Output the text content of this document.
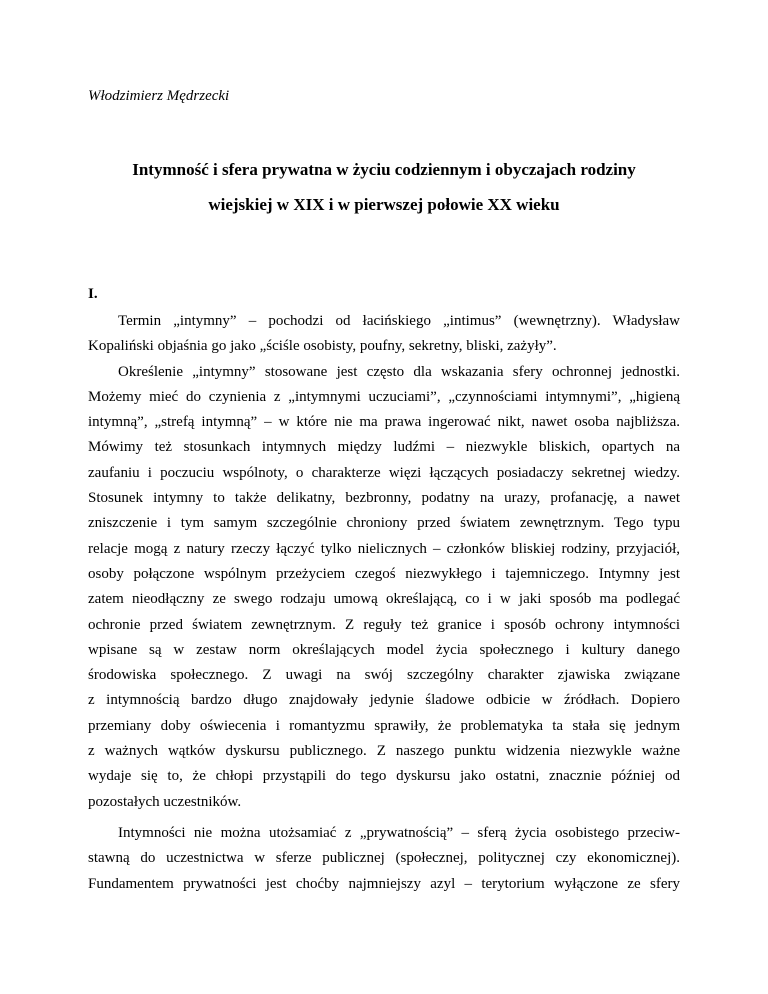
Włodzimierz Mędrzecki

Intymność i sfera prywatna w życiu codziennym i obyczajach rodziny
wiejskiej w XIX i w pierwszej połowie XX wieku
I.
Termin „intymny” – pochodzi od łacińskiego „intimus” (wewnętrzny). Władysław
Kopaliński objaśnia go jako „ściśle osobisty, poufny, sekretny, bliski, zażyły”.
Określenie „intymny” stosowane jest często dla wskazania sfery ochronnej jednostki.
Możemy mieć do czynienia z „intymnymi uczuciami”, „czynnościami intymnymi”, „higieną
intymną”, „strefą intymną” – w które nie ma prawa ingerować nikt, nawet osoba najbliższa.
Mówimy też stosunkach intymnych między ludźmi – niezwykle bliskich, opartych na
zaufaniu i poczuciu wspólnoty, o charakterze więzi łączących posiadaczy sekretnej wiedzy.
Stosunek intymny to także delikatny, bezbronny, podatny na urazy, profanację, a nawet
zniszczenie i tym samym szczególnie chroniony przed światem zewnętrznym. Tego typu
relacje mogą z natury rzeczy łączyć tylko nielicznych – członków bliskiej rodziny, przyjaciół,
osoby połączone wspólnym przeżyciem czegoś niezwykłego i tajemniczego. Intymny jest
zatem nieodłączny ze swego rodzaju umową określającą, co i w jaki sposób ma podlegać
ochronie przed światem zewnętrznym. Z reguły też granice i sposób ochrony intymności
wpisane są w zestaw norm określających model życia społecznego i kultury danego
środowiska społecznego. Z uwagi na swój szczególny charakter zjawiska związane
z intymnością bardzo długo znajdowały jedynie śladowe odbicie w źródłach. Dopiero
przemiany doby oświecenia i romantyzmu sprawiły, że problematyka ta stała się jednym
z ważnych wątków dyskursu publicznego. Z naszego punktu widzenia niezwykle ważne
wydaje się to, że chłopi przystąpili do tego dyskursu jako ostatni, znacznie później od
pozostałych uczestników.
Intymności nie można utożsamiać z „prywatnością” – sferą życia osobistego przeciw-
stawną do uczestnictwa w sferze publicznej (społecznej, politycznej czy ekonomicznej).
Fundamentem prywatności jest choćby najmniejszy azyl – terytorium wyłączone ze sfery
